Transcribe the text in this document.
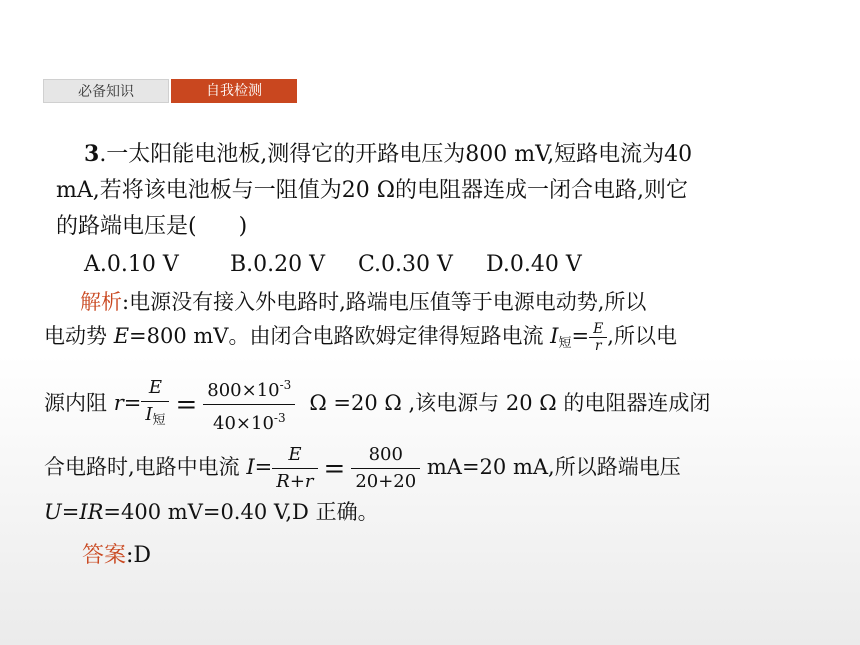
必备知识	自我检测
3.一太阳能电池板,测得它的开路电压为800 mV,短路电流为40
mA,若将该电池板与一阻值为20 Ω的电阻器连成一闭合电路,则它
的路端电压是( )
A.0.10 V B.0.20 V C.0.30 V D.0.40 V
解析:电源没有接入外电路时,路端电压值等于电源电动势,所以
电动势 E=800 mV。由闭合电路欧姆定律得短路电流 $I_短= \frac{E}{r}$ ,所以电
源内阻 $r= \frac{E}{I_短} = \frac{800\times 10^{-3}}{40\times 10^{-3}}$ Ω =20 Ω ,该电源与 20 Ω 的电阻器连成闭
合电路时,电路中电流 $I= \frac{E}{R+r} = \frac{800}{20+20} mA=20$ mA,所以路端电压
U=IR=400 mV=0.40 V,D 正确。
答案:D
